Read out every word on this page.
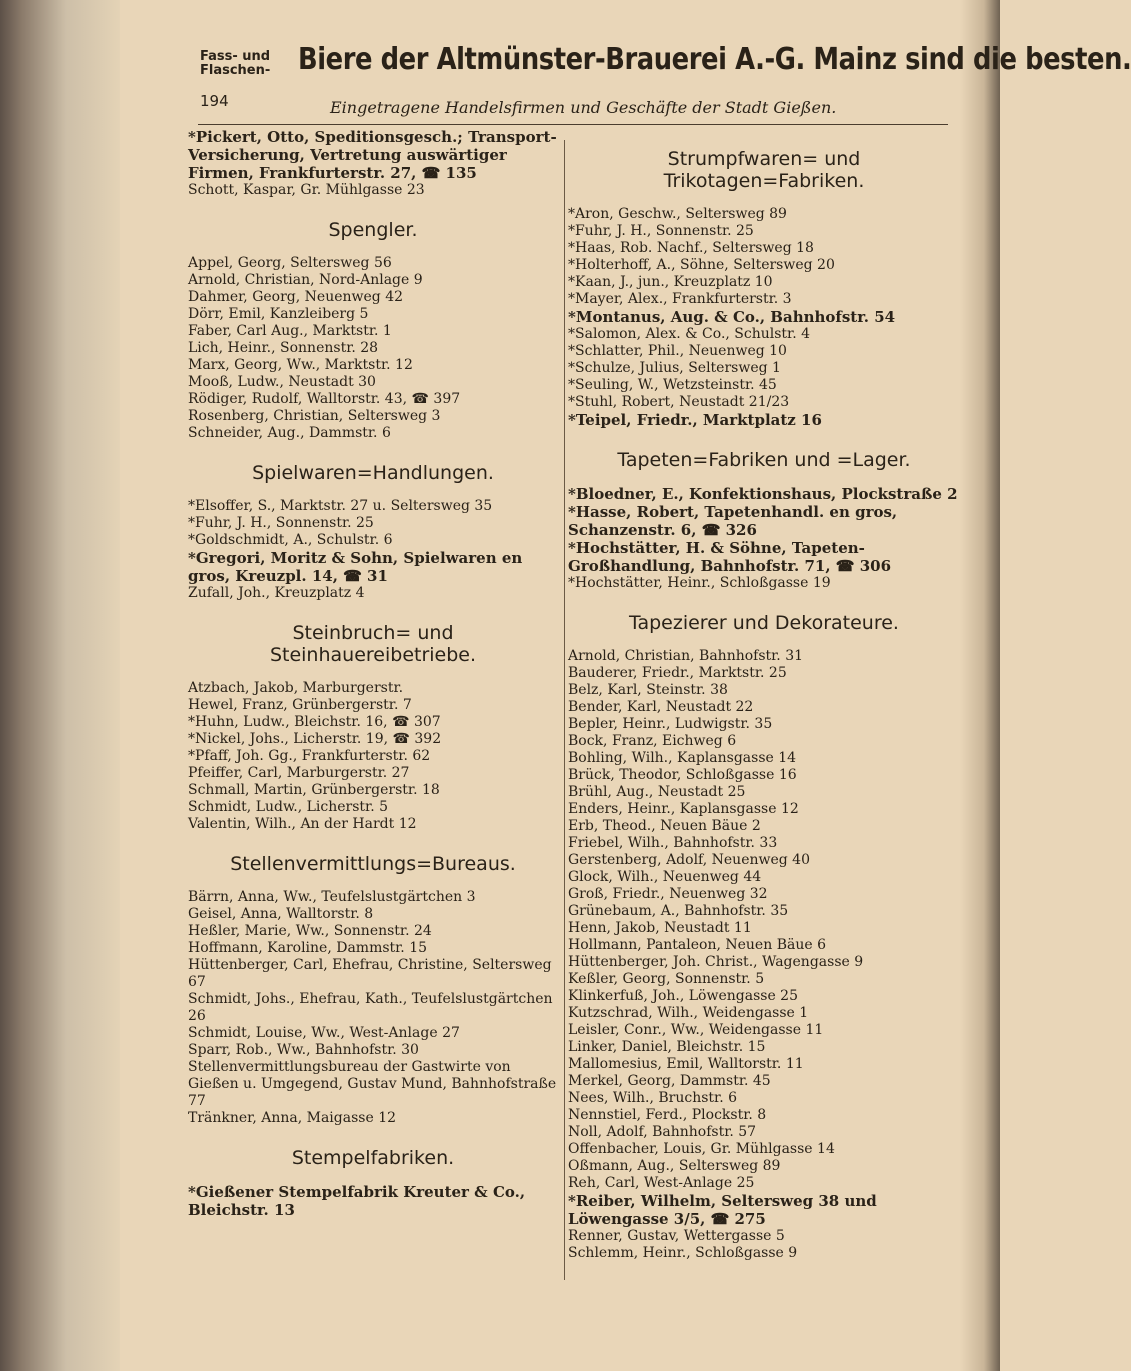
Fass- und Flaschen- Biere der Altmünster-Brauerei A.-G. Mainz sind die besten.
194	Eingetragene Handelsfirmen und Geschäfte der Stadt Gießen.

*Pickert, Otto, Speditionsgesch.; Transport-Versicherung, Vertretung auswärtiger Firmen, Frankfurterstr. 27, ☎ 135

Schott, Kaspar, Gr. Mühlgasse 23

Spengler.

Appel, Georg, Seltersweg 56

Arnold, Christian, Nord-Anlage 9

Dahmer, Georg, Neuenweg 42

Dörr, Emil, Kanzleiberg 5

Faber, Carl Aug., Marktstr. 1

Lich, Heinr., Sonnenstr. 28

Marx, Georg, Ww., Marktstr. 12

Mooß, Ludw., Neustadt 30

Rödiger, Rudolf, Walltorstr. 43, ☎ 397

Rosenberg, Christian, Seltersweg 3

Schneider, Aug., Dammstr. 6

Spielwaren=Handlungen.

*Elsoffer, S., Marktstr. 27 u. Seltersweg 35

*Fuhr, J. H., Sonnenstr. 25

*Goldschmidt, A., Schulstr. 6

*Gregori, Moritz & Sohn, Spielwaren en gros, Kreuzpl. 14, ☎ 31

Zufall, Joh., Kreuzplatz 4

Steinbruch= und Steinhauereibetriebe.

Atzbach, Jakob, Marburgerstr.

Hewel, Franz, Grünbergerstr. 7

*Huhn, Ludw., Bleichstr. 16, ☎ 307

*Nickel, Johs., Licherstr. 19, ☎ 392

*Pfaff, Joh. Gg., Frankfurterstr. 62

Pfeiffer, Carl, Marburgerstr. 27

Schmall, Martin, Grünbergerstr. 18

Schmidt, Ludw., Licherstr. 5

Valentin, Wilh., An der Hardt 12

Stellenvermittlungs=Bureaus.

Bärrn, Anna, Ww., Teufelslustgärtchen 3

Geisel, Anna, Walltorstr. 8

Heßler, Marie, Ww., Sonnenstr. 24

Hoffmann, Karoline, Dammstr. 15

Hüttenberger, Carl, Ehefrau, Christine, Seltersweg 67

Schmidt, Johs., Ehefrau, Kath., Teufelslustgärtchen 26

Schmidt, Louise, Ww., West-Anlage 27

Sparr, Rob., Ww., Bahnhofstr. 30

Stellenvermittlungsbureau der Gastwirte von Gießen u. Umgegend, Gustav Mund, Bahnhofstraße 77

Tränkner, Anna, Maigasse 12

Stempelfabriken.

*Gießener Stempelfabrik Kreuter & Co., Bleichstr. 13

Strumpfwaren= und Trikotagen=Fabriken.

*Aron, Geschw., Seltersweg 89

*Fuhr, J. H., Sonnenstr. 25

*Haas, Rob. Nachf., Seltersweg 18

*Holterhoff, A., Söhne, Seltersweg 20

*Kaan, J., jun., Kreuzplatz 10

*Mayer, Alex., Frankfurterstr. 3

*Montanus, Aug. & Co., Bahnhofstr. 54

*Salomon, Alex. & Co., Schulstr. 4

*Schlatter, Phil., Neuenweg 10

*Schulze, Julius, Seltersweg 1

*Seuling, W., Wetzsteinstr. 45

*Stuhl, Robert, Neustadt 21/23

*Teipel, Friedr., Marktplatz 16

Tapeten=Fabriken und =Lager.

*Bloedner, E., Konfektionshaus, Plockstraße 2

*Hasse, Robert, Tapetenhandl. en gros, Schanzenstr. 6, ☎ 326

*Hochstätter, H. & Söhne, Tapeten-Großhandlung, Bahnhofstr. 71, ☎ 306

*Hochstätter, Heinr., Schloßgasse 19

Tapezierer und Dekorateure.

Arnold, Christian, Bahnhofstr. 31

Bauderer, Friedr., Marktstr. 25

Belz, Karl, Steinstr. 38

Bender, Karl, Neustadt 22

Bepler, Heinr., Ludwigstr. 35

Bock, Franz, Eichweg 6

Bohling, Wilh., Kaplansgasse 14

Brück, Theodor, Schloßgasse 16

Brühl, Aug., Neustadt 25

Enders, Heinr., Kaplansgasse 12

Erb, Theod., Neuen Bäue 2

Friebel, Wilh., Bahnhofstr. 33

Gerstenberg, Adolf, Neuenweg 40

Glock, Wilh., Neuenweg 44

Groß, Friedr., Neuenweg 32

Grünebaum, A., Bahnhofstr. 35

Henn, Jakob, Neustadt 11

Hollmann, Pantaleon, Neuen Bäue 6

Hüttenberger, Joh. Christ., Wagengasse 9

Keßler, Georg, Sonnenstr. 5

Klinkerfuß, Joh., Löwengasse 25

Kutzschrad, Wilh., Weidengasse 1

Leisler, Conr., Ww., Weidengasse 11

Linker, Daniel, Bleichstr. 15

Mallomesius, Emil, Walltorstr. 11

Merkel, Georg, Dammstr. 45

Nees, Wilh., Bruchstr. 6

Nennstiel, Ferd., Plockstr. 8

Noll, Adolf, Bahnhofstr. 57

Offenbacher, Louis, Gr. Mühlgasse 14

Oßmann, Aug., Seltersweg 89

Reh, Carl, West-Anlage 25

*Reiber, Wilhelm, Seltersweg 38 und Löwengasse 3/5, ☎ 275

Renner, Gustav, Wettergasse 5

Schlemm, Heinr., Schloßgasse 9
